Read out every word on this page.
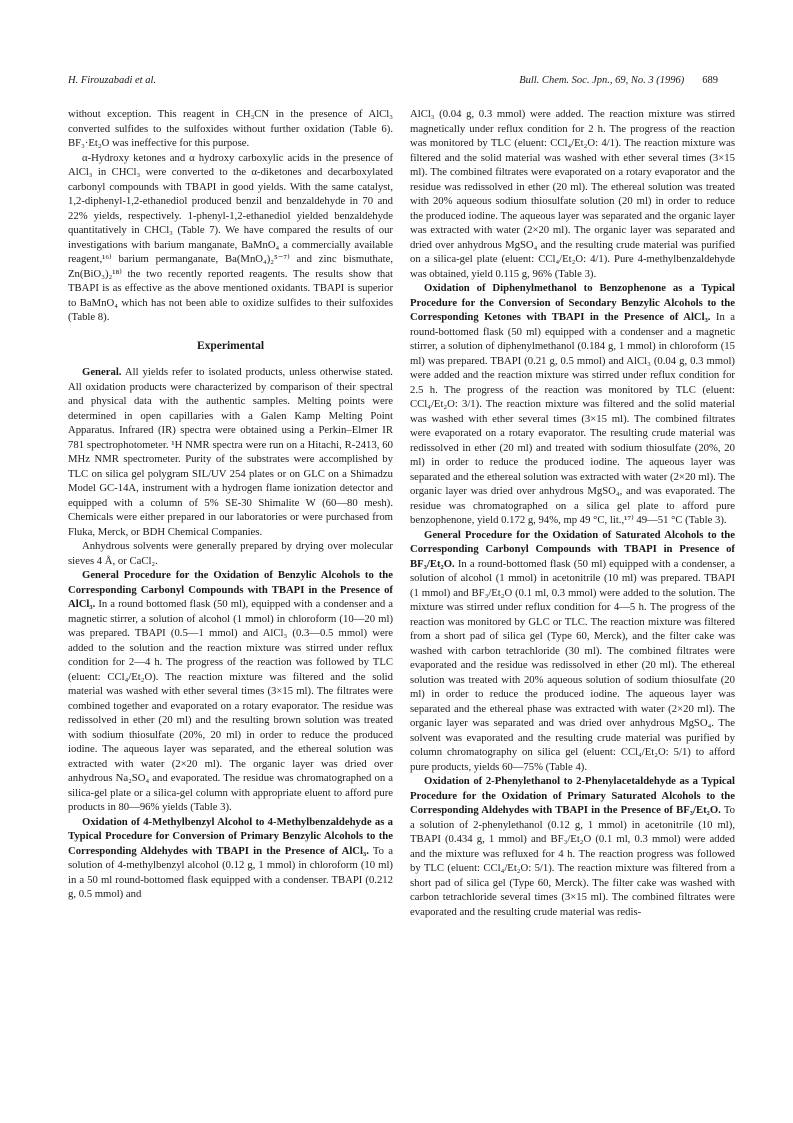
H. Firouzabadi et al.	Bull. Chem. Soc. Jpn., 69, No. 3 (1996) 689

without exception. This reagent in CH₃CN in the presence of AlCl₃ converted sulfides to the sulfoxides without further oxidation (Table 6). BF₃·Et₂O was ineffective for this purpose.

α-Hydroxy ketones and α hydroxy carboxylic acids in the presence of AlCl₃ in CHCl₃ were converted to the α-diketones and decarboxylated carbonyl compounds with TBAPI in good yields. With the same catalyst, 1,2-diphenyl-1,2-ethanediol produced benzil and benzaldehyde in 70 and 22% yields, respectively. 1-phenyl-1,2-ethanediol yielded benzaldehyde quantitatively in CHCl₃ (Table 7). We have compared the results of our investigations with barium manganate, BaMnO₄ a commercially available reagent,¹⁶⁾ barium permanganate, Ba(MnO₄)₂⁵⁻⁷⁾ and zinc bismuthate, Zn(BiO₃)₂¹⁸⁾ the two recently reported reagents. The results show that TBAPI is as effective as the above mentioned oxidants. TBAPI is superior to BaMnO₄ which has not been able to oxidize sulfides to their sulfoxides (Table 8).

Experimental

General. All yields refer to isolated products, unless otherwise stated. All oxidation products were characterized by comparison of their spectral and physical data with the authentic samples. Melting points were determined in open capillaries with a Galen Kamp Melting Point Apparatus. Infrared (IR) spectra were obtained using a Perkin–Elmer IR 781 spectrophotometer. ¹H NMR spectra were run on a Hitachi, R-2413, 60 MHz NMR spectrometer. Purity of the substrates were accomplished by TLC on silica gel polygram SIL/UV 254 plates or on GLC on a Shimadzu Model GC-14A, instrument with a hydrogen flame ionization detector and equipped with a column of 5% SE-30 Shimalite W (60—80 mesh). Chemicals were either prepared in our laboratories or were purchased from Fluka, Merck, or BDH Chemical Companies.

Anhydrous solvents were generally prepared by drying over molecular sieves 4 Å, or CaCl₂.

General Procedure for the Oxidation of Benzylic Alcohols to the Corresponding Carbonyl Compounds with TBAPI in the Presence of AlCl₃. In a round bottomed flask (50 ml), equipped with a condenser and a magnetic stirrer, a solution of alcohol (1 mmol) in chloroform (10—20 ml) was prepared. TBAPI (0.5—1 mmol) and AlCl₃ (0.3—0.5 mmol) were added to the solution and the reaction mixture was stirred under reflux condition for 2—4 h. The progress of the reaction was followed by TLC (eluent: CCl₄/Et₂O). The reaction mixture was filtered and the solid material was washed with ether several times (3×15 ml). The filtrates were combined together and evaporated on a rotary evaporator. The residue was redissolved in ether (20 ml) and the resulting brown solution was treated with sodium thiosulfate (20%, 20 ml) in order to reduce the produced iodine. The aqueous layer was separated, and the ethereal solution was extracted with water (2×20 ml). The organic layer was dried over anhydrous Na₂SO₄ and evaporated. The residue was chromatographed on a silica-gel plate or a silica-gel column with appropriate eluent to afford pure products in 80—96% yields (Table 3).

Oxidation of 4-Methylbenzyl Alcohol to 4-Methylbenzaldehyde as a Typical Procedure for Conversion of Primary Benzylic Alcohols to the Corresponding Aldehydes with TBAPI in the Presence of AlCl₃. To a solution of 4-methylbenzyl alcohol (0.12 g, 1 mmol) in chloroform (10 ml) in a 50 ml round-bottomed flask equipped with a condenser. TBAPI (0.212 g, 0.5 mmol) and

AlCl₃ (0.04 g, 0.3 mmol) were added. The reaction mixture was stirred magnetically under reflux condition for 2 h. The progress of the reaction was monitored by TLC (eluent: CCl₄/Et₂O: 4/1). The reaction mixture was filtered and the solid material was washed with ether several times (3×15 ml). The combined filtrates were evaporated on a rotary evaporator and the residue was redissolved in ether (20 ml). The ethereal solution was treated with 20% aqueous sodium thiosulfate solution (20 ml) in order to reduce the produced iodine. The aqueous layer was separated and the organic layer was extracted with water (2×20 ml). The organic layer was separated and dried over anhydrous MgSO₄ and the resulting crude material was purified on a silica-gel plate (eluent: CCl₄/Et₂O: 4/1). Pure 4-methylbenzaldehyde was obtained, yield 0.115 g, 96% (Table 3).

Oxidation of Diphenylmethanol to Benzophenone as a Typical Procedure for the Conversion of Secondary Benzylic Alcohols to the Corresponding Ketones with TBAPI in the Presence of AlCl₃. In a round-bottomed flask (50 ml) equipped with a condenser and a magnetic stirrer, a solution of diphenylmethanol (0.184 g, 1 mmol) in chloroform (15 ml) was prepared. TBAPI (0.21 g, 0.5 mmol) and AlCl₃ (0.04 g, 0.3 mmol) were added and the reaction mixture was stirred under reflux condition for 2.5 h. The progress of the reaction was monitored by TLC (eluent: CCl₄/Et₂O: 3/1). The reaction mixture was filtered and the solid material was washed with ether several times (3×15 ml). The combined filtrates were evaporated on a rotary evaporator. The resulting crude material was redissolved in ether (20 ml) and treated with sodium thiosulfate (20%, 20 ml) in order to reduce the produced iodine. The aqueous layer was separated and the ethereal solution was extracted with water (2×20 ml). The organic layer was dried over anhydrous MgSO₄, and was evaporated. The residue was chromatographed on a silica gel plate to afford pure benzophenone, yield 0.172 g, 94%, mp 49 °C, lit.,¹⁷⁾ 49—51 °C (Table 3).

General Procedure for the Oxidation of Saturated Alcohols to the Corresponding Carbonyl Compounds with TBAPI in Presence of BF₃/Et₂O. In a round-bottomed flask (50 ml) equipped with a condenser, a solution of alcohol (1 mmol) in acetonitrile (10 ml) was prepared. TBAPI (1 mmol) and BF₃/Et₂O (0.1 ml, 0.3 mmol) were added to the solution. The mixture was stirred under reflux condition for 4—5 h. The progress of the reaction was monitored by GLC or TLC. The reaction mixture was filtered from a short pad of silica gel (Type 60, Merck), and the filter cake was washed with carbon tetrachloride (30 ml). The combined filtrates were evaporated and the residue was redissolved in ether (20 ml). The ethereal solution was treated with 20% aqueous solution of sodium thiosulfate (20 ml) in order to reduce the produced iodine. The aqueous layer was separated and the ethereal phase was extracted with water (2×20 ml). The organic layer was separated and was dried over anhydrous MgSO₄. The solvent was evaporated and the resulting crude material was purified by column chromatography on silica gel (eluent: CCl₄/Et₂O: 5/1) to afford pure products, yields 60—75% (Table 4).

Oxidation of 2-Phenylethanol to 2-Phenylacetaldehyde as a Typical Procedure for the Oxidation of Primary Saturated Alcohols to the Corresponding Aldehydes with TBAPI in the Presence of BF₃/Et₂O. To a solution of 2-phenylethanol (0.12 g, 1 mmol) in acetonitrile (10 ml), TBAPI (0.434 g, 1 mmol) and BF₃/Et₂O (0.1 ml, 0.3 mmol) were added and the mixture was refluxed for 4 h. The reaction progress was followed by TLC (eluent: CCl₄/Et₂O: 5/1). The reaction mixture was filtered from a short pad of silica gel (Type 60, Merck). The filter cake was washed with carbon tetrachloride several times (3×15 ml). The combined filtrates were evaporated and the resulting crude material was redis-
